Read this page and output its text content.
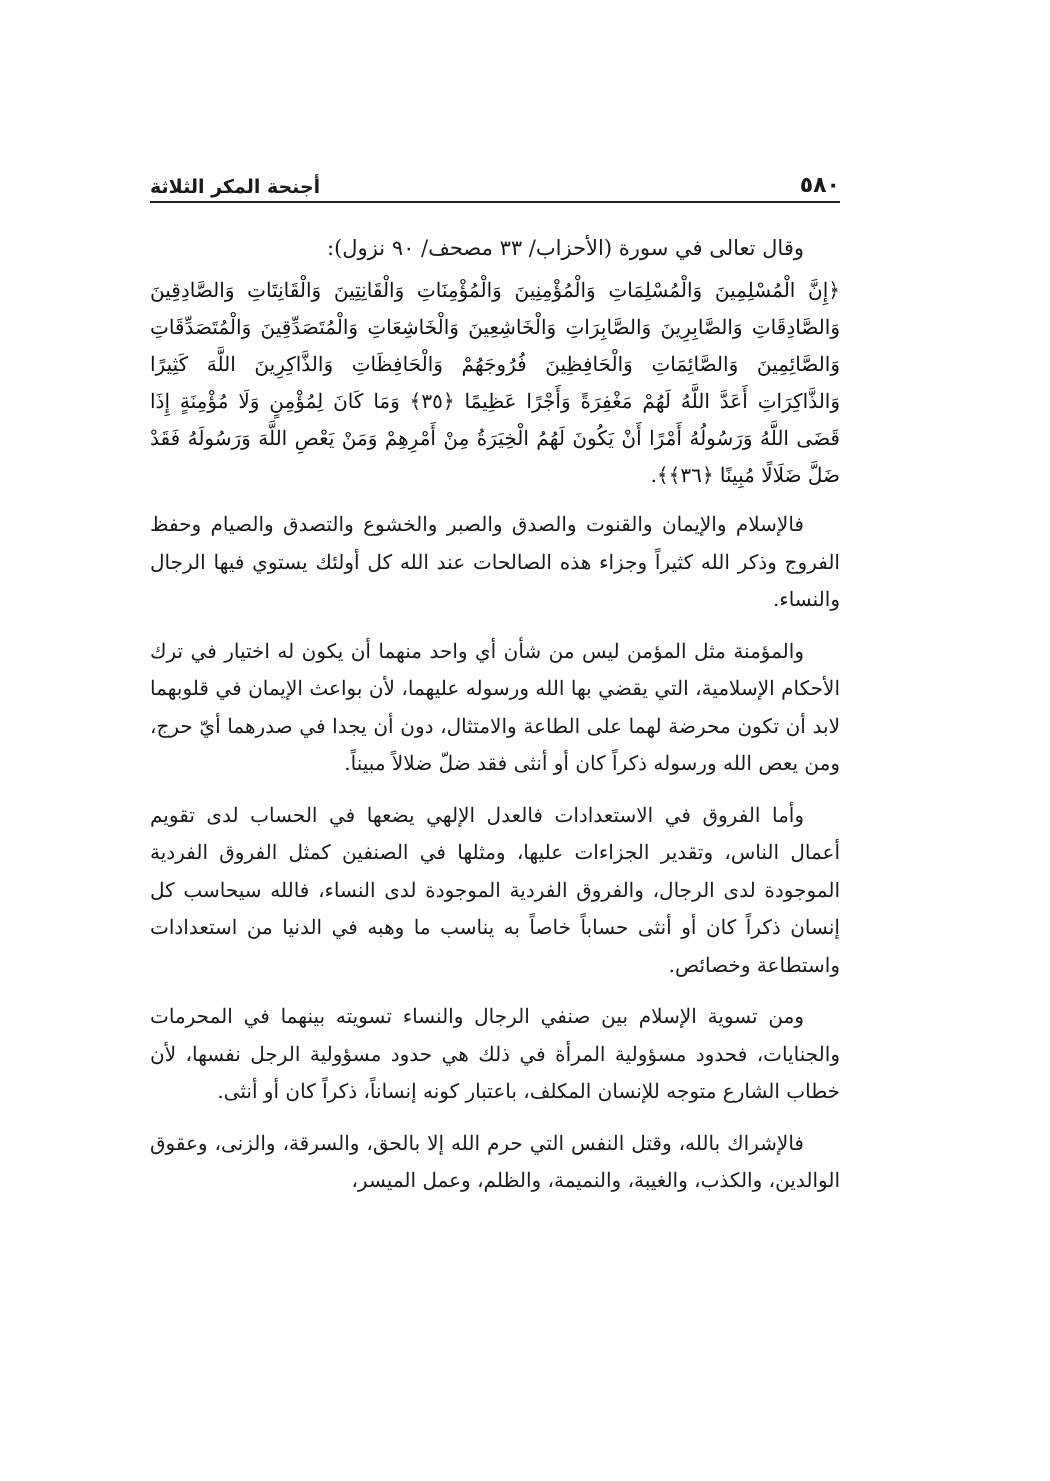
٥٨٠
أجنحة المكر الثلاثة

وقال تعالى في سورة (الأحزاب/ ٣٣ مصحف/ ٩٠ نزول):

﴿إِنَّ الْمُسْلِمِينَ وَالْمُسْلِمَاتِ وَالْمُؤْمِنِينَ وَالْمُؤْمِنَاتِ وَالْقَانِتِينَ وَالْقَانِتَاتِ وَالصَّادِقِينَ وَالصَّادِقَاتِ وَالصَّابِرِينَ وَالصَّابِرَاتِ وَالْخَاشِعِينَ وَالْخَاشِعَاتِ وَالْمُتَصَدِّقِينَ وَالْمُتَصَدِّقَاتِ وَالصَّائِمِينَ وَالصَّائِمَاتِ وَالْحَافِظِينَ فُرُوجَهُمْ وَالْحَافِظَاتِ وَالذَّاكِرِينَ اللَّهَ كَثِيرًا وَالذَّاكِرَاتِ أَعَدَّ اللَّهُ لَهُمْ مَغْفِرَةً وَأَجْرًا عَظِيمًا ﴿٣٥﴾ وَمَا كَانَ لِمُؤْمِنٍ وَلَا مُؤْمِنَةٍ إِذَا قَضَى اللَّهُ وَرَسُولُهُ أَمْرًا أَنْ يَكُونَ لَهُمُ الْخِيَرَةُ مِنْ أَمْرِهِمْ وَمَنْ يَعْصِ اللَّهَ وَرَسُولَهُ فَقَدْ ضَلَّ ضَلَالًا مُبِينًا ﴿٣٦﴾﴾.

فالإسلام والإيمان والقنوت والصدق والصبر والخشوع والتصدق والصيام وحفظ الفروج وذكر الله كثيراً وجزاء هذه الصالحات عند الله كل أولئك يستوي فيها الرجال والنساء.

والمؤمنة مثل المؤمن ليس من شأن أي واحد منهما أن يكون له اختيار في ترك الأحكام الإسلامية، التي يقضي بها الله ورسوله عليهما، لأن بواعث الإيمان في قلوبهما لابد أن تكون محرضة لهما على الطاعة والامتثال، دون أن يجدا في صدرهما أيّ حرج، ومن يعص الله ورسوله ذكراً كان أو أنثى فقد ضلّ ضلالاً مبيناً.

وأما الفروق في الاستعدادات فالعدل الإلهي يضعها في الحساب لدى تقويم أعمال الناس، وتقدير الجزاءات عليها، ومثلها في الصنفين كمثل الفروق الفردية الموجودة لدى الرجال، والفروق الفردية الموجودة لدى النساء، فالله سيحاسب كل إنسان ذكراً كان أو أنثى حساباً خاصاً به يناسب ما وهبه في الدنيا من استعدادات واستطاعة وخصائص.

ومن تسوية الإسلام بين صنفي الرجال والنساء تسويته بينهما في المحرمات والجنايات، فحدود مسؤولية المرأة في ذلك هي حدود مسؤولية الرجل نفسها، لأن خطاب الشارع متوجه للإنسان المكلف، باعتبار كونه إنساناً، ذكراً كان أو أنثى.

فالإشراك بالله، وقتل النفس التي حرم الله إلا بالحق، والسرقة، والزنى، وعقوق الوالدين، والكذب، والغيبة، والنميمة، والظلم، وعمل الميسر،
